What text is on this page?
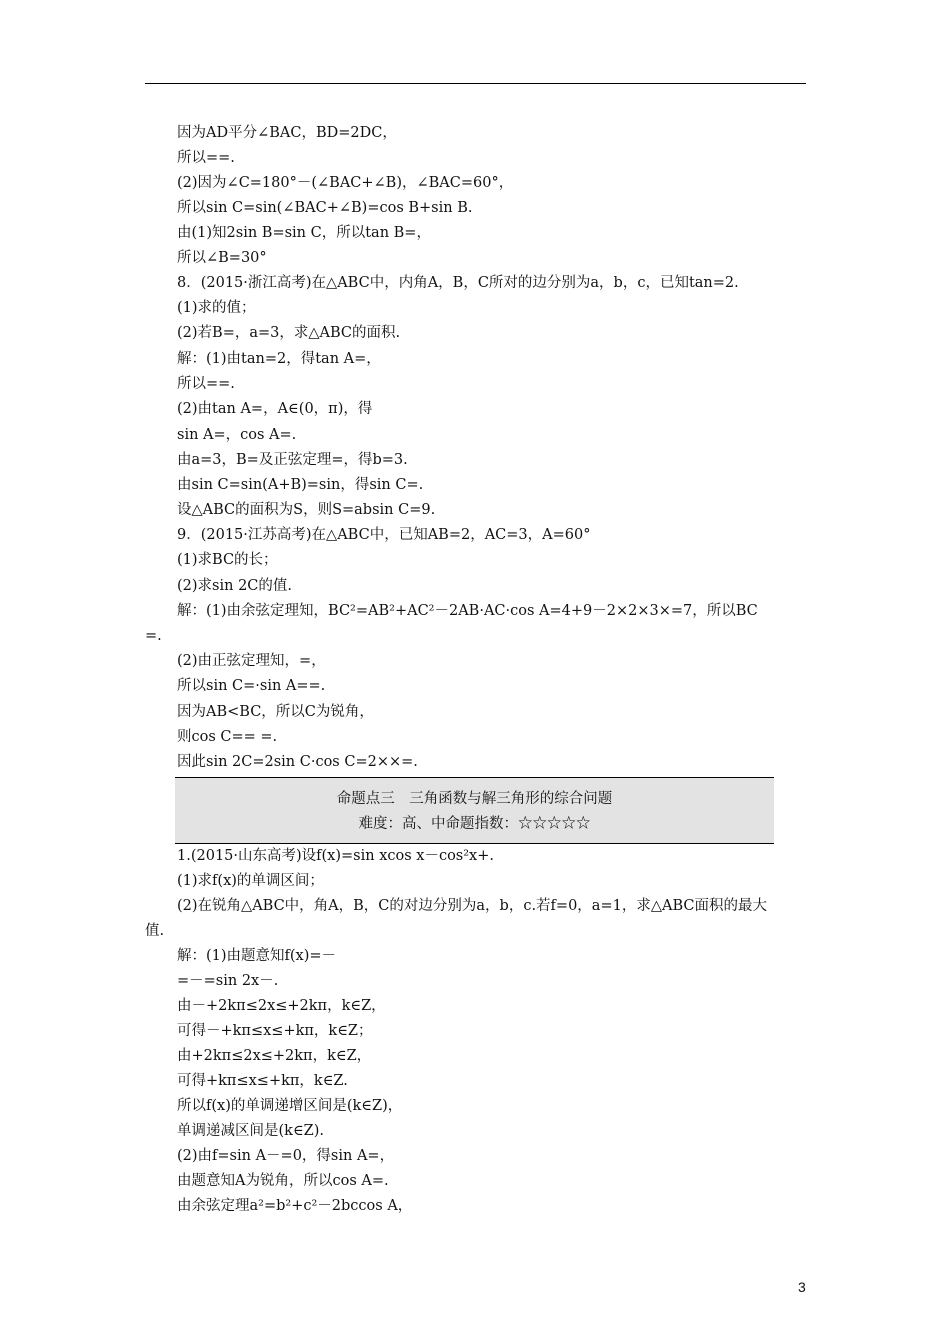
因为AD平分∠BAC，BD=2DC，
所以==.
(2)因为∠C=180°－(∠BAC+∠B)，∠BAC=60°，
所以sin C=sin(∠BAC+∠B)=cos B+sin B.
由(1)知2sin B=sin C，所以tan B=，
所以∠B=30°
8．(2015·浙江高考)在△ABC中，内角A，B，C所对的边分别为a，b，c，已知tan=2.
(1)求的值；
(2)若B=，a=3，求△ABC的面积.
解：(1)由tan=2，得tan A=，
所以==.
(2)由tan A=，A∈(0，π)，得
sin A=，cos A=.
由a=3，B=及正弦定理=，得b=3.
由sin C=sin(A+B)=sin，得sin C=.
设△ABC的面积为S，则S=absin C=9.
9．(2015·江苏高考)在△ABC中，已知AB=2，AC=3，A=60°
(1)求BC的长；
(2)求sin 2C的值.
解：(1)由余弦定理知，BC²=AB²+AC²－2AB·AC·cos A=4+9－2×2×3×=7，所以BC
=.
(2)由正弦定理知，=，
所以sin C=·sin A==.
因为AB<BC，所以C为锐角，
则cos C== =.
因此sin 2C=2sin C·cos C=2××=.
命题点三　三角函数与解三角形的综合问题
难度：高、中命题指数：☆☆☆☆☆
1.(2015·山东高考)设f(x)=sin xcos x－cos²x+.
(1)求f(x)的单调区间；
(2)在锐角△ABC中，角A，B，C的对边分别为a，b，c.若f=0，a=1，求△ABC面积的最大
值.
解：(1)由题意知f(x)=－
=－=sin 2x－.
由－+2kπ≤2x≤+2kπ，k∈Z，
可得－+kπ≤x≤+kπ，k∈Z；
由+2kπ≤2x≤+2kπ，k∈Z，
可得+kπ≤x≤+kπ，k∈Z.
所以f(x)的单调递增区间是(k∈Z)，
单调递减区间是(k∈Z).
(2)由f=sin A－=0，得sin A=，
由题意知A为锐角，所以cos A=.
由余弦定理a²=b²+c²－2bccos A，
3
